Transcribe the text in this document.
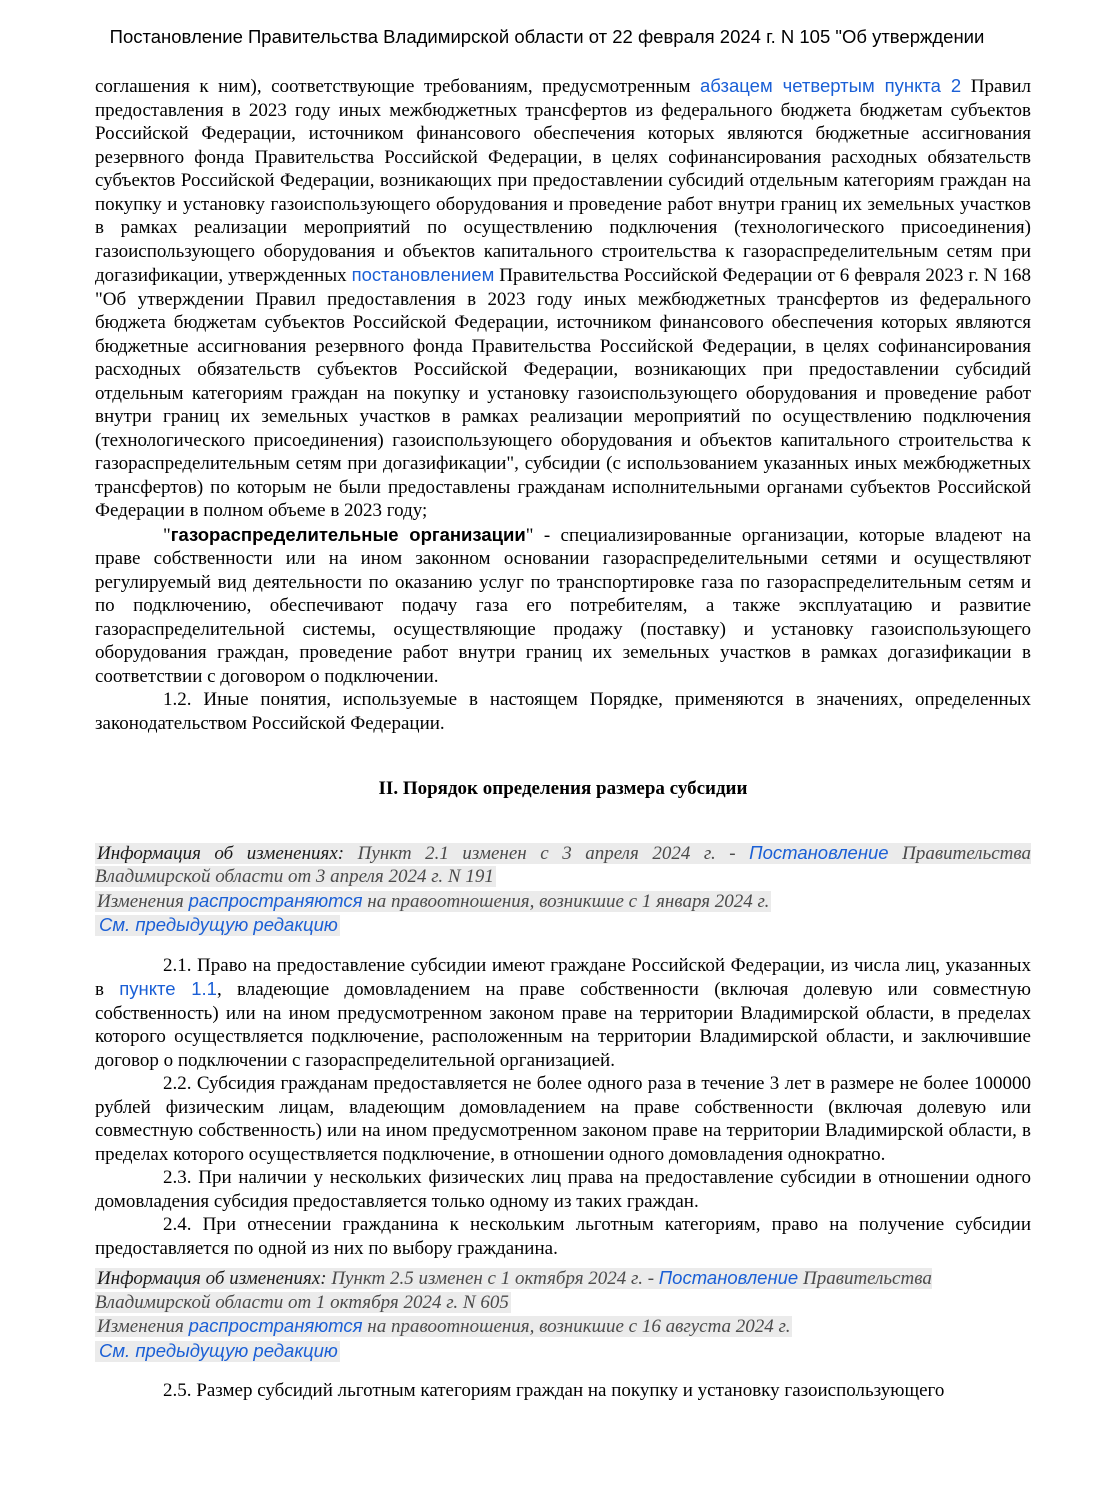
Постановление Правительства Владимирской области от 22 февраля 2024 г. N 105 "Об утверждении

соглашения к ним), соответствующие требованиям, предусмотренным абзацем четвертым пункта 2 Правил предоставления в 2023 году иных межбюджетных трансфертов из федерального бюджета бюджетам субъектов Российской Федерации, источником финансового обеспечения которых являются бюджетные ассигнования резервного фонда Правительства Российской Федерации, в целях софинансирования расходных обязательств субъектов Российской Федерации, возникающих при предоставлении субсидий отдельным категориям граждан на покупку и установку газоиспользующего оборудования и проведение работ внутри границ их земельных участков в рамках реализации мероприятий по осуществлению подключения (технологического присоединения) газоиспользующего оборудования и объектов капитального строительства к газораспределительным сетям при догазификации, утвержденных постановлением Правительства Российской Федерации от 6 февраля 2023 г. N 168 "Об утверждении Правил предоставления в 2023 году иных межбюджетных трансфертов из федерального бюджета бюджетам субъектов Российской Федерации, источником финансового обеспечения которых являются бюджетные ассигнования резервного фонда Правительства Российской Федерации, в целях софинансирования расходных обязательств субъектов Российской Федерации, возникающих при предоставлении субсидий отдельным категориям граждан на покупку и установку газоиспользующего оборудования и проведение работ внутри границ их земельных участков в рамках реализации мероприятий по осуществлению подключения (технологического присоединения) газоиспользующего оборудования и объектов капитального строительства к газораспределительным сетям при догазификации", субсидии (с использованием указанных иных межбюджетных трансфертов) по которым не были предоставлены гражданам исполнительными органами субъектов Российской Федерации в полном объеме в 2023 году;

"газораспределительные организации" - специализированные организации, которые владеют на праве собственности или на ином законном основании газораспределительными сетями и осуществляют регулируемый вид деятельности по оказанию услуг по транспортировке газа по газораспределительным сетям и по подключению, обеспечивают подачу газа его потребителям, а также эксплуатацию и развитие газораспределительной системы, осуществляющие продажу (поставку) и установку газоиспользующего оборудования граждан, проведение работ внутри границ их земельных участков в рамках догазификации в соответствии с договором о подключении.

1.2. Иные понятия, используемые в настоящем Порядке, применяются в значениях, определенных законодательством Российской Федерации.

II. Порядок определения размера субсидии
Информация об изменениях: Пункт 2.1 изменен с 3 апреля 2024 г. - Постановление Правительства Владимирской области от 3 апреля 2024 г. N 191
Изменения распространяются на правоотношения, возникшие с 1 января 2024 г.
См. предыдущую редакцию

2.1. Право на предоставление субсидии имеют граждане Российской Федерации, из числа лиц, указанных в пункте 1.1, владеющие домовладением на праве собственности (включая долевую или совместную собственность) или на ином предусмотренном законом праве на территории Владимирской области, в пределах которого осуществляется подключение, расположенным на территории Владимирской области, и заключившие договор о подключении с газораспределительной организацией.

2.2. Субсидия гражданам предоставляется не более одного раза в течение 3 лет в размере не более 100000 рублей физическим лицам, владеющим домовладением на праве собственности (включая долевую или совместную собственность) или на ином предусмотренном законом праве на территории Владимирской области, в пределах которого осуществляется подключение, в отношении одного домовладения однократно.

2.3. При наличии у нескольких физических лиц права на предоставление субсидии в отношении одного домовладения субсидия предоставляется только одному из таких граждан.

2.4. При отнесении гражданина к нескольким льготным категориям, право на получение субсидии предоставляется по одной из них по выбору гражданина.

Информация об изменениях: Пункт 2.5 изменен с 1 октября 2024 г. - Постановление Правительства Владимирской области от 1 октября 2024 г. N 605
Изменения распространяются на правоотношения, возникшие с 16 августа 2024 г.
См. предыдущую редакцию

2.5. Размер субсидий льготным категориям граждан на покупку и установку газоиспользующего
